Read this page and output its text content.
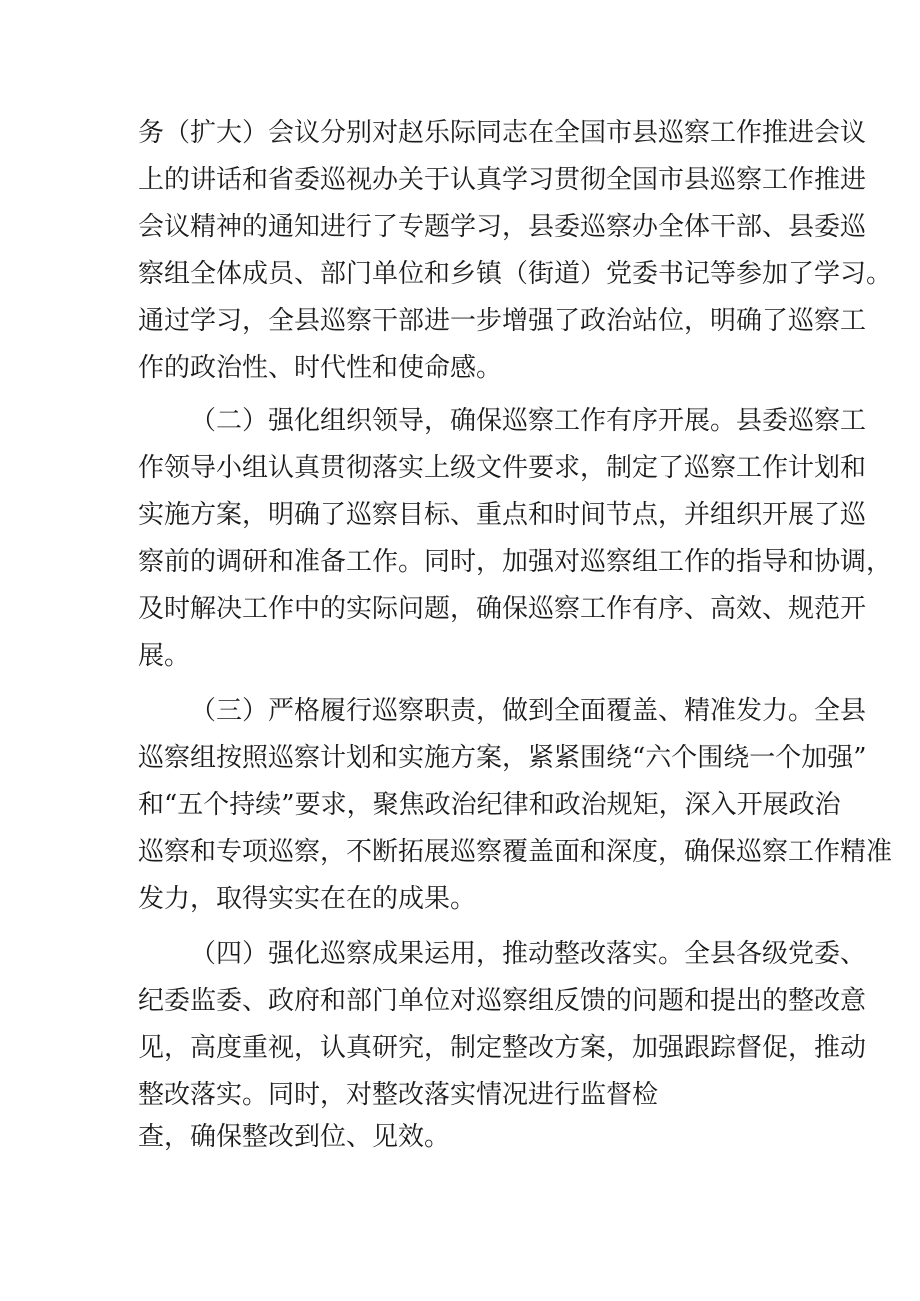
务（扩大）会议分别对赵乐际同志在全国市县巡察工作推进会议
上的讲话和省委巡视办关于认真学习贯彻全国市县巡察工作推进
会议精神的通知进行了专题学习，县委巡察办全体干部、县委巡
察组全体成员、部门单位和乡镇（街道）党委书记等参加了学习。
通过学习，全县巡察干部进一步增强了政治站位，明确了巡察工
作的政治性、时代性和使命感。
（二）强化组织领导，确保巡察工作有序开展。县委巡察工
作领导小组认真贯彻落实上级文件要求，制定了巡察工作计划和
实施方案，明确了巡察目标、重点和时间节点，并组织开展了巡
察前的调研和准备工作。同时，加强对巡察组工作的指导和协调，
及时解决工作中的实际问题，确保巡察工作有序、高效、规范开
展。
（三）严格履行巡察职责，做到全面覆盖、精准发力。全县
巡察组按照巡察计划和实施方案，紧紧围绕“六个围绕一个加强”
和“五个持续”要求，聚焦政治纪律和政治规矩，深入开展政治
巡察和专项巡察，不断拓展巡察覆盖面和深度，确保巡察工作精准
发力，取得实实在在的成果。
（四）强化巡察成果运用，推动整改落实。全县各级党委、
纪委监委、政府和部门单位对巡察组反馈的问题和提出的整改意
见，高度重视，认真研究，制定整改方案，加强跟踪督促，推动
整改落实。同时，对整改落实情况进行监督检
查，确保整改到位、见效。
